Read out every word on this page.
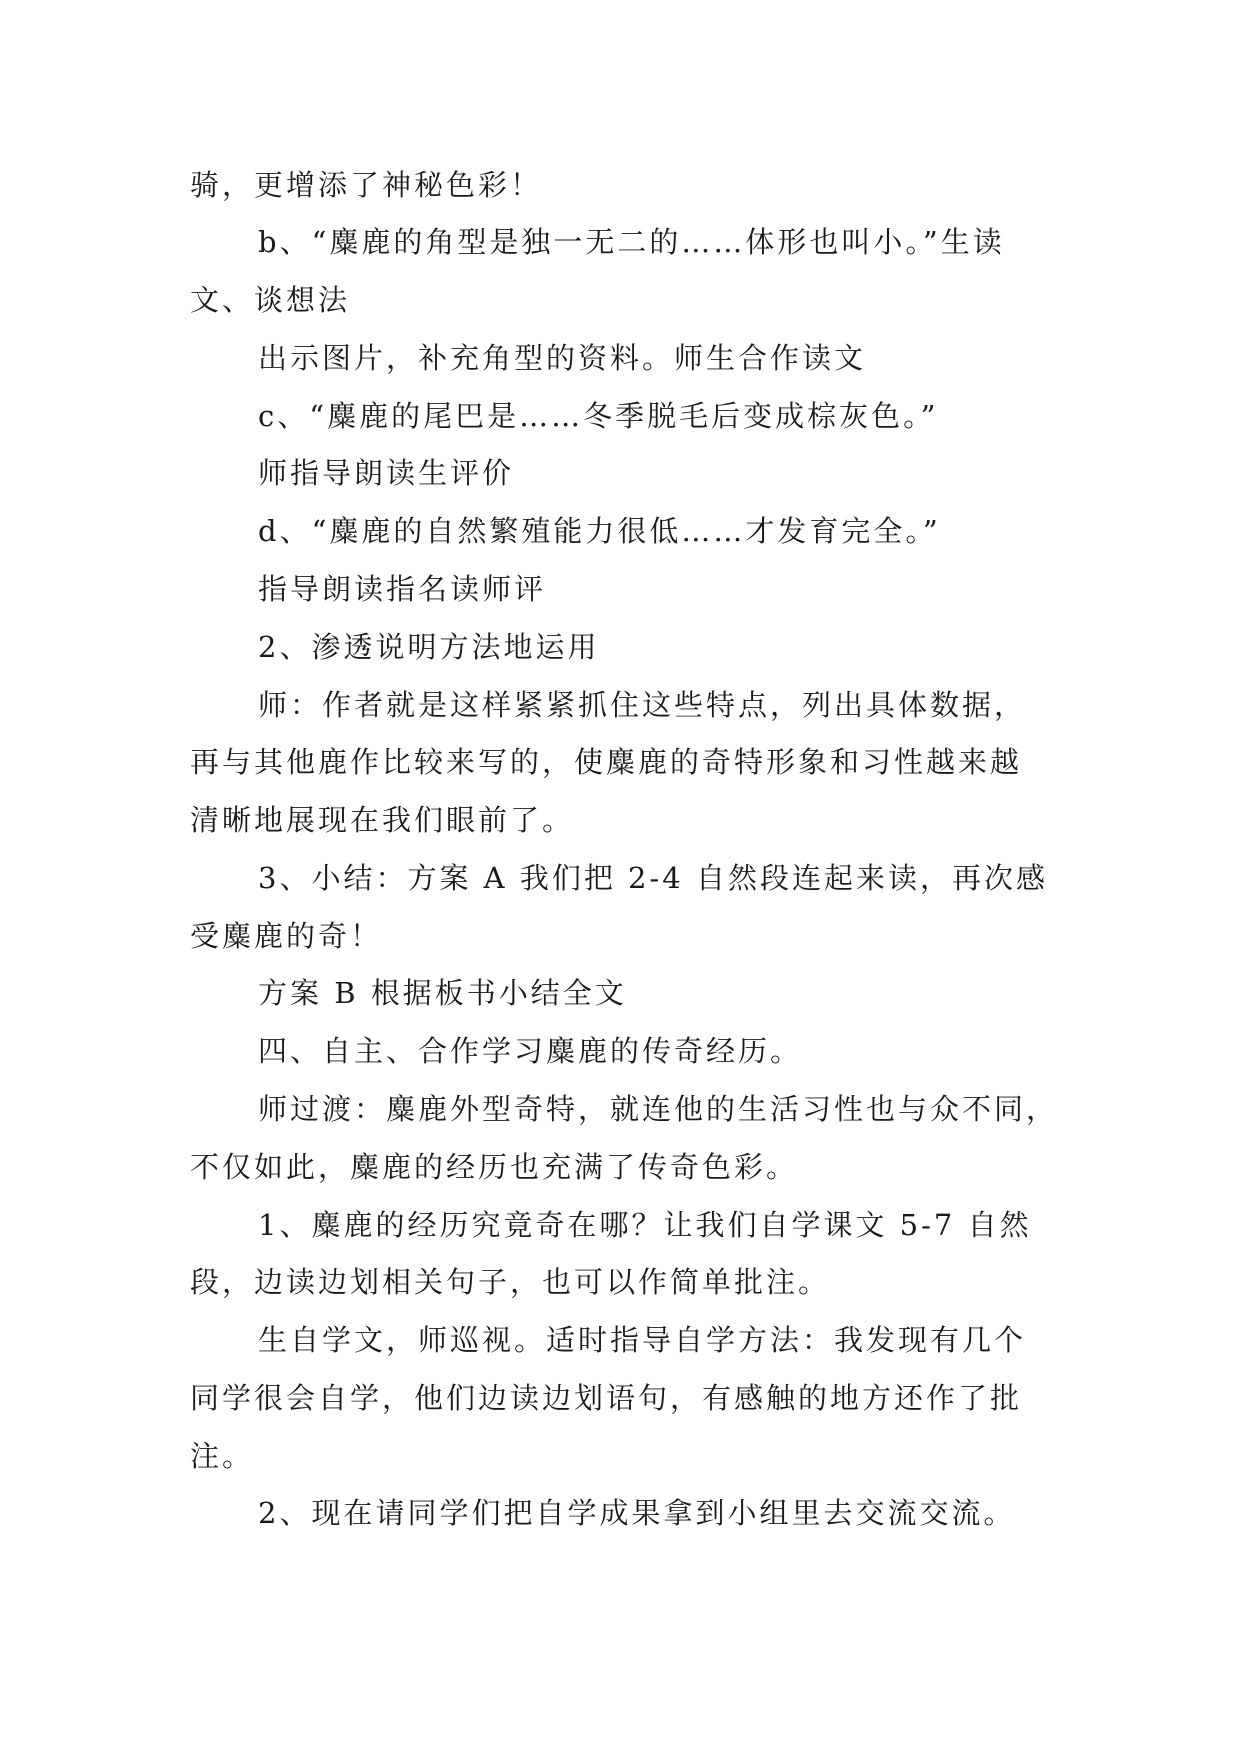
骑，更增添了神秘色彩！

b、“麋鹿的角型是独一无二的……体形也叫小。”生读

文、谈想法

出示图片，补充角型的资料。师生合作读文

c、“麋鹿的尾巴是……冬季脱毛后变成棕灰色。”

师指导朗读生评价

d、“麋鹿的自然繁殖能力很低……才发育完全。”

指导朗读指名读师评

2、渗透说明方法地运用

师：作者就是这样紧紧抓住这些特点，列出具体数据，

再与其他鹿作比较来写的，使麋鹿的奇特形象和习性越来越

清晰地展现在我们眼前了。

3、小结：方案 A 我们把 2-4 自然段连起来读，再次感

受麋鹿的奇！

方案 B 根据板书小结全文

四、自主、合作学习麋鹿的传奇经历。

师过渡：麋鹿外型奇特，就连他的生活习性也与众不同，

不仅如此，麋鹿的经历也充满了传奇色彩。

1、麋鹿的经历究竟奇在哪？让我们自学课文 5-7 自然

段，边读边划相关句子，也可以作简单批注。

生自学文，师巡视。适时指导自学方法：我发现有几个

同学很会自学，他们边读边划语句，有感触的地方还作了批

注。

2、现在请同学们把自学成果拿到小组里去交流交流。
